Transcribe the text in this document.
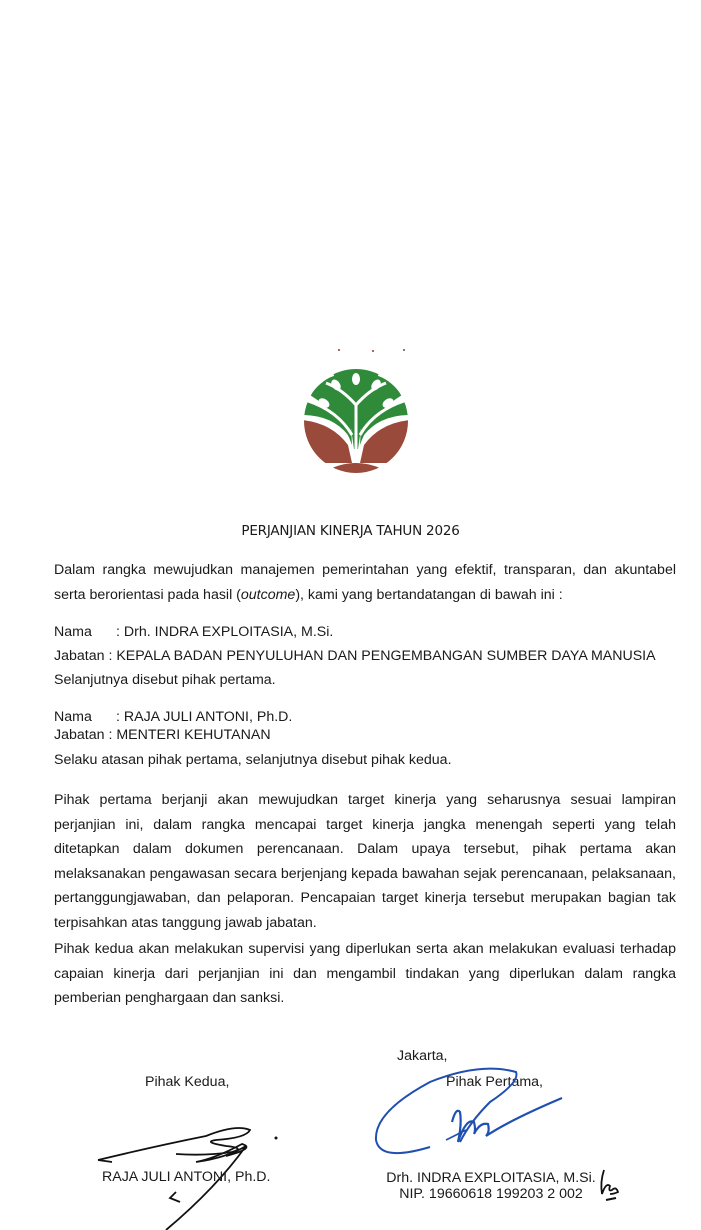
PERJANJIAN KINERJA TAHUN 2026
Dalam rangka mewujudkan manajemen pemerintahan yang efektif, transparan, dan akuntabel serta berorientasi pada hasil (outcome), kami yang bertandatangan di bawah ini :
Nama : Drh. INDRA EXPLOITASIA, M.Si.
Jabatan : KEPALA BADAN PENYULUHAN DAN PENGEMBANGAN SUMBER DAYA MANUSIA
Selanjutnya disebut pihak pertama.
Nama : RAJA JULI ANTONI, Ph.D.
Jabatan : MENTERI KEHUTANAN
Selaku atasan pihak pertama, selanjutnya disebut pihak kedua.
Pihak pertama berjanji akan mewujudkan target kinerja yang seharusnya sesuai lampiran perjanjian ini, dalam rangka mencapai target kinerja jangka menengah seperti yang telah ditetapkan dalam dokumen perencanaan. Dalam upaya tersebut, pihak pertama akan melaksanakan pengawasan secara berjenjang kepada bawahan sejak perencanaan, pelaksanaan, pertanggungjawaban, dan pelaporan. Pencapaian target kinerja tersebut merupakan bagian tak terpisahkan atas tanggung jawab jabatan.
Pihak kedua akan melakukan supervisi yang diperlukan serta akan melakukan evaluasi terhadap capaian kinerja dari perjanjian ini dan mengambil tindakan yang diperlukan dalam rangka pemberian penghargaan dan sanksi.
Jakarta,
Pihak Kedua,	Pihak Pertama,
RAJA JULI ANTONI, Ph.D.	Drh. INDRA EXPLOITASIA, M.Si.
NIP. 19660618 199203 2 002
